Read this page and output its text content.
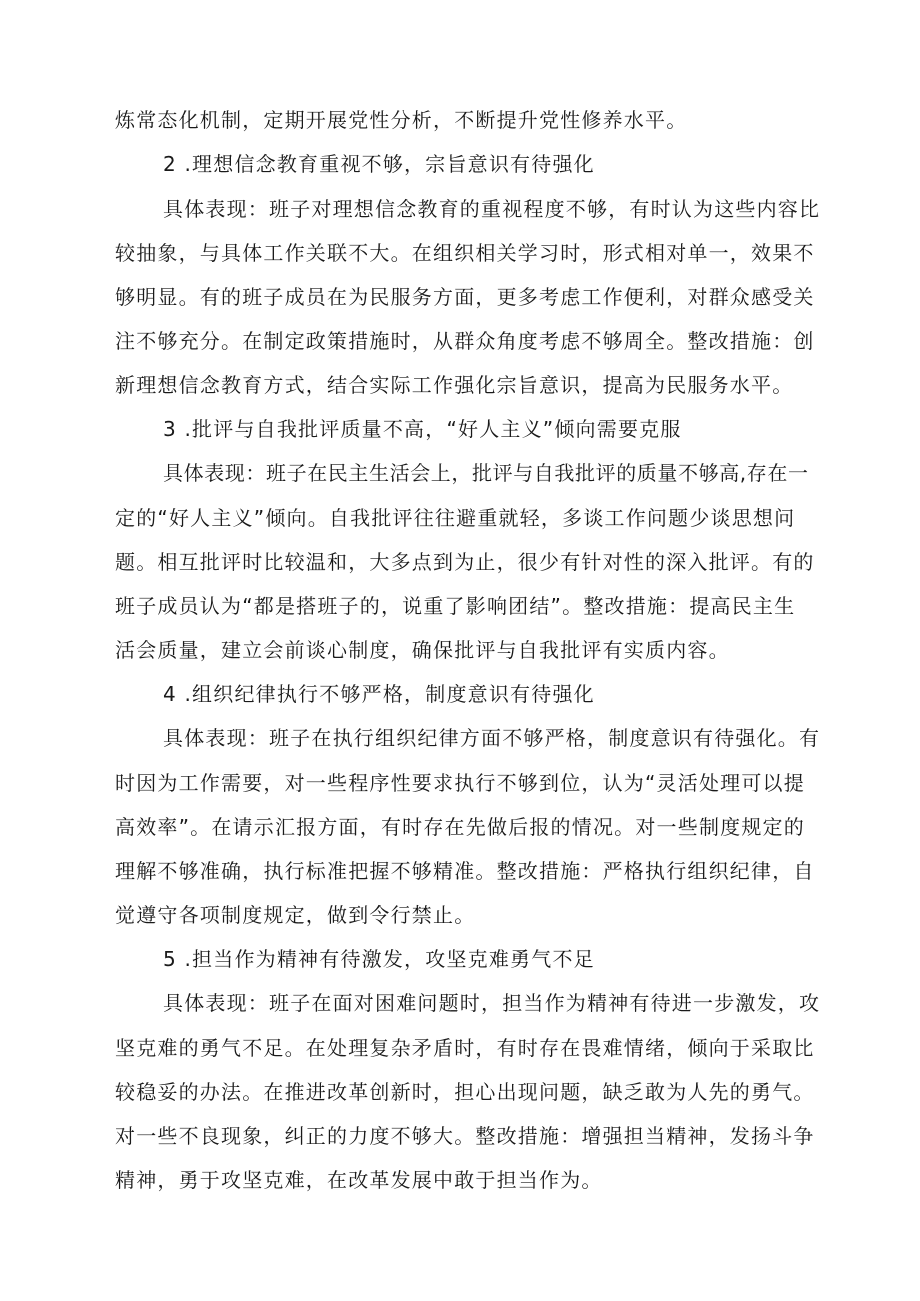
炼常态化机制，定期开展党性分析，不断提升党性修养水平。
2 .理想信念教育重视不够，宗旨意识有待强化
具体表现：班子对理想信念教育的重视程度不够，有时认为这些内容比
较抽象，与具体工作关联不大。在组织相关学习时，形式相对单一，效果不
够明显。有的班子成员在为民服务方面，更多考虑工作便利，对群众感受关
注不够充分。在制定政策措施时，从群众角度考虑不够周全。整改措施：创
新理想信念教育方式，结合实际工作强化宗旨意识，提高为民服务水平。
3 .批评与自我批评质量不高，“好人主义”倾向需要克服
具体表现：班子在民主生活会上，批评与自我批评的质量不够高,存在一
定的“好人主义”倾向。自我批评往往避重就轻，多谈工作问题少谈思想问
题。相互批评时比较温和，大多点到为止，很少有针对性的深入批评。有的
班子成员认为“都是搭班子的，说重了影响团结”。整改措施：提高民主生
活会质量，建立会前谈心制度，确保批评与自我批评有实质内容。
4 .组织纪律执行不够严格，制度意识有待强化
具体表现：班子在执行组织纪律方面不够严格，制度意识有待强化。有
时因为工作需要，对一些程序性要求执行不够到位，认为“灵活处理可以提
高效率”。在请示汇报方面，有时存在先做后报的情况。对一些制度规定的
理解不够准确，执行标准把握不够精准。整改措施：严格执行组织纪律，自
觉遵守各项制度规定，做到令行禁止。
5 .担当作为精神有待激发，攻坚克难勇气不足
具体表现：班子在面对困难问题时，担当作为精神有待进一步激发，攻
坚克难的勇气不足。在处理复杂矛盾时，有时存在畏难情绪，倾向于采取比
较稳妥的办法。在推进改革创新时，担心出现问题，缺乏敢为人先的勇气。
对一些不良现象，纠正的力度不够大。整改措施：增强担当精神，发扬斗争
精神，勇于攻坚克难，在改革发展中敢于担当作为。
